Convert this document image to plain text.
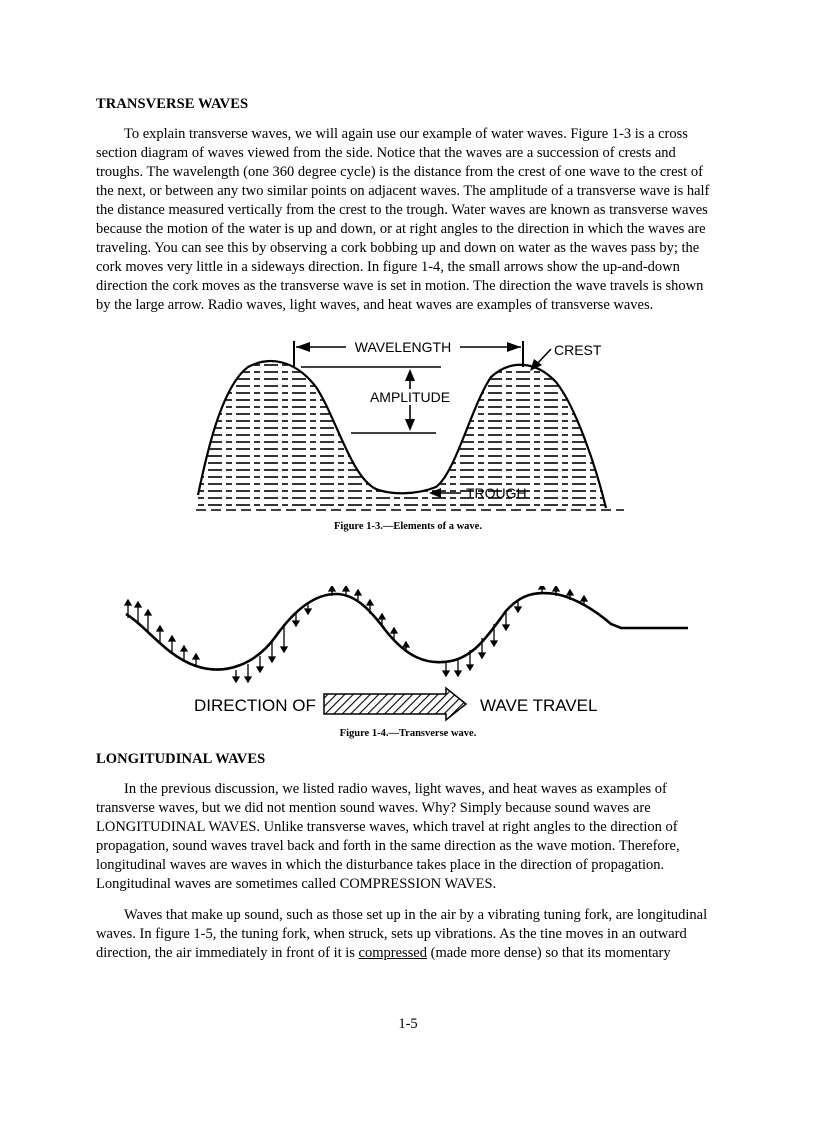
TRANSVERSE WAVES

To explain transverse waves, we will again use our example of water waves. Figure 1-3 is a cross section diagram of waves viewed from the side. Notice that the waves are a succession of crests and troughs. The wavelength (one 360 degree cycle) is the distance from the crest of one wave to the crest of the next, or between any two similar points on adjacent waves. The amplitude of a transverse wave is half the distance measured vertically from the crest to the trough. Water waves are known as transverse waves because the motion of the water is up and down, or at right angles to the direction in which the waves are traveling. You can see this by observing a cork bobbing up and down on water as the waves pass by; the cork moves very little in a sideways direction. In figure 1-4, the small arrows show the up-and-down direction the cork moves as the transverse wave is set in motion. The direction the wave travels is shown by the large arrow. Radio waves, light waves, and heat waves are examples of transverse waves.

WAVELENGTH	CREST
AMPLITUDE
TROUGH
Figure 1-3.—Elements of a wave.
DIRECTION OF	WAVE TRAVEL
Figure 1-4.—Transverse wave.
LONGITUDINAL WAVES

In the previous discussion, we listed radio waves, light waves, and heat waves as examples of transverse waves, but we did not mention sound waves. Why? Simply because sound waves are LONGITUDINAL WAVES. Unlike transverse waves, which travel at right angles to the direction of propagation, sound waves travel back and forth in the same direction as the wave motion. Therefore, longitudinal waves are waves in which the disturbance takes place in the direction of propagation. Longitudinal waves are sometimes called COMPRESSION WAVES.

Waves that make up sound, such as those set up in the air by a vibrating tuning fork, are longitudinal waves. In figure 1-5, the tuning fork, when struck, sets up vibrations. As the tine moves in an outward direction, the air immediately in front of it is compressed (made more dense) so that its momentary

1-5
